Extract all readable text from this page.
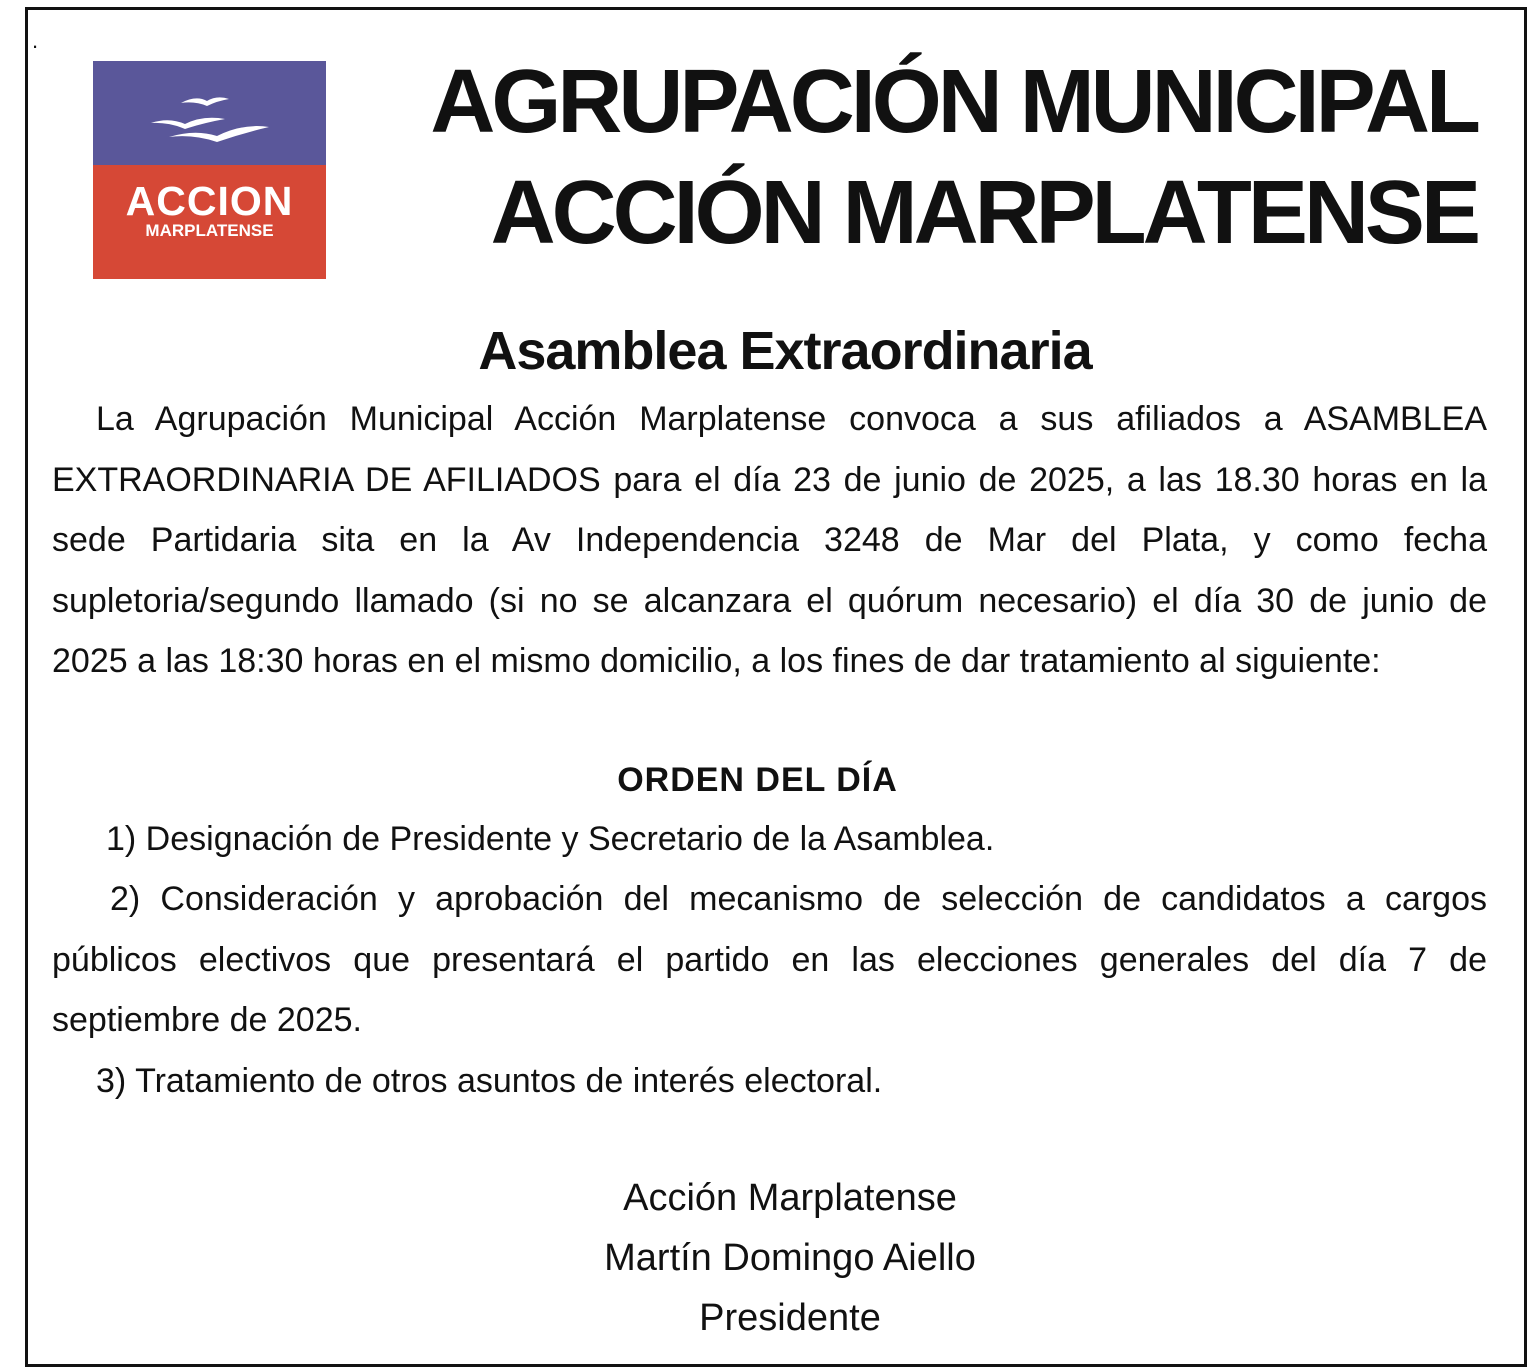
.
ACCION
MARPLATENSE
AGRUPACIÓN MUNICIPAL
ACCIÓN MARPLATENSE
Asamblea Extraordinaria

La Agrupación Municipal Acción Marplatense convoca a sus afiliados a ASAMBLEA EXTRAORDINARIA DE AFILIADOS para el día 23 de junio de 2025, a las 18.30 horas en la sede Partidaria sita en la Av Independencia 3248 de Mar del Plata, y como fecha supletoria/segundo llamado (si no se alcanzara el quórum necesario) el día 30 de junio de 2025 a las 18:30 horas en el mismo domicilio, a los fines de dar tratamiento al siguiente:

ORDEN DEL DÍA

1) Designación de Presidente y Secretario de la Asamblea.

2) Consideración y aprobación del mecanismo de selección de candidatos a cargos públicos electivos que presentará el partido en las elecciones generales del día 7 de septiembre de 2025.

3) Tratamiento de otros asuntos de interés electoral.

Acción Marplatense
Martín Domingo Aiello
Presidente
